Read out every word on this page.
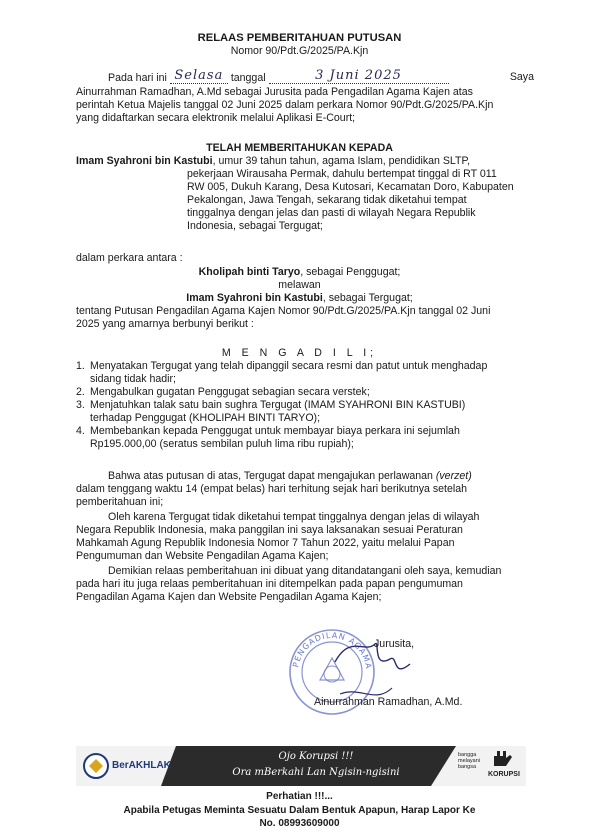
RELAAS PEMBERITAHUAN PUTUSAN
Nomor 90/Pdt.G/2025/PA.Kjn
Pada hari ini Selasa tanggal	3 Juni 2025	Saya
Ainurrahman Ramadhan, A.Md sebagai Jurusita pada Pengadilan Agama Kajen atas
perintah Ketua Majelis tanggal 02 Juni 2025 dalam perkara Nomor 90/Pdt.G/2025/PA.Kjn
yang didaftarkan secara elektronik melalui Aplikasi E-Court;
TELAH MEMBERITAHUKAN KEPADA
Imam Syahroni bin Kastubi, umur 39 tahun tahun, agama Islam, pendidikan SLTP,
pekerjaan Wirausaha Permak, dahulu bertempat tinggal di RT 011
RW 005, Dukuh Karang, Desa Kutosari, Kecamatan Doro, Kabupaten
Pekalongan, Jawa Tengah, sekarang tidak diketahui tempat
tinggalnya dengan jelas dan pasti di wilayah Negara Republik
Indonesia, sebagai Tergugat;
dalam perkara antara :
Kholipah binti Taryo, sebagai Penggugat;
melawan
Imam Syahroni bin Kastubi, sebagai Tergugat;
tentang Putusan Pengadilan Agama Kajen Nomor 90/Pdt.G/2025/PA.Kjn tanggal 02 Juni
2025 yang amarnya berbunyi berikut :
M E N G A D I L I;
1. Menyatakan Tergugat yang telah dipanggil secara resmi dan patut untuk menghadap
sidang tidak hadir;
2. Mengabulkan gugatan Penggugat sebagian secara verstek;
3. Menjatuhkan talak satu bain sughra Tergugat (IMAM SYAHRONI BIN KASTUBI)
terhadap Penggugat (KHOLIPAH BINTI TARYO);
4. Membebankan kepada Penggugat untuk membayar biaya perkara ini sejumlah
Rp195.000,00 (seratus sembilan puluh lima ribu rupiah);
Bahwa atas putusan di atas, Tergugat dapat mengajukan perlawanan (verzet)
dalam tenggang waktu 14 (empat belas) hari terhitung sejak hari berikutnya setelah
pemberitahuan ini;
Oleh karena Tergugat tidak diketahui tempat tinggalnya dengan jelas di wilayah
Negara Republik Indonesia, maka panggilan ini saya laksanakan sesuai Peraturan
Mahkamah Agung Republik Indonesia Nomor 7 Tahun 2022, yaitu melalui Papan
Pengumuman dan Website Pengadilan Agama Kajen;
Demikian relaas pemberitahuan ini dibuat yang ditandatangani oleh saya, kemudian
pada hari itu juga relaas pemberitahuan ini ditempelkan pada papan pengumuman
Pengadilan Agama Kajen dan Website Pengadilan Agama Kajen;
PENGADILAN AGAMA
Jurusita,
Ainurrahman Ramadhan, A.Md.
BerAKHLAK
Ojo Korupsi !!!
Ora mBerkahi Lan Ngisin-ngisini
bangga melayani bangsa
KORUPSI
Perhatian !!!...
Apabila Petugas Meminta Sesuatu Dalam Bentuk Apapun, Harap Lapor Ke
No. 08993609000
